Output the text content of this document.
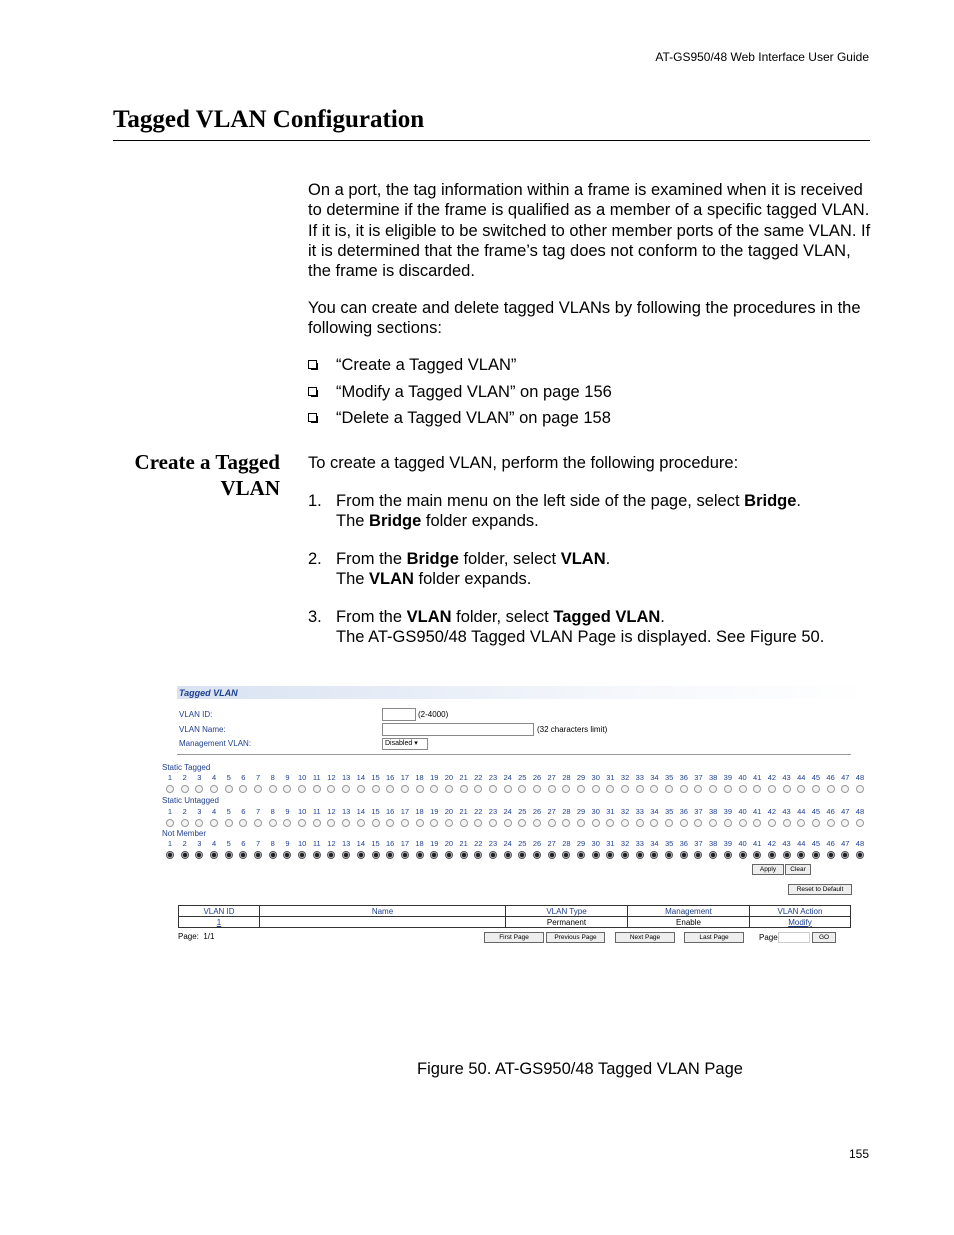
AT-GS950/48 Web Interface User Guide
Tagged VLAN Configuration
On a port, the tag information within a frame is examined when it is received to determine if the frame is qualified as a member of a specific tagged VLAN. If it is, it is eligible to be switched to other member ports of the same VLAN. If it is determined that the frame’s tag does not conform to the tagged VLAN, the frame is discarded.
You can create and delete tagged VLANs by following the procedures in the following sections:
“Create a Tagged VLAN”
“Modify a Tagged VLAN” on page 156
“Delete a Tagged VLAN” on page 158
Create a Tagged
VLAN
To create a tagged VLAN, perform the following procedure:
1. From the main menu on the left side of the page, select Bridge.
The Bridge folder expands.
2. From the Bridge folder, select VLAN.
The VLAN folder expands.
3. From the VLAN folder, select Tagged VLAN.
The AT-GS950/48 Tagged VLAN Page is displayed. See Figure 50.
Tagged VLAN
VLAN ID:	(2-4000)
VLAN Name:	(32 characters limit)
Management VLAN:	Disabled ▾
Static Tagged
1	2	3	4	5	6	7	8	9	10 11 12 13 14 15 16 17 18 19 20 21 22 23 24 25 26 27 28 29 30 31 32 33 34 35 36 37 38 39 40 41 42 43 44 45 46 47 48
Static Untagged
1	2	3	4	5	6	7	8	9	10 11 12 13 14 15 16 17 18 19 20 21 22 23 24 25 26 27 28 29 30 31 32 33 34 35 36 37 38 39 40 41 42 43 44 45 46 47 48
Not Member
1	2	3	4	5	6	7	8	9	10 11 12 13 14 15 16 17 18 19 20 21 22 23 24 25 26 27 28 29 30 31 32 33 34 35 36 37 38 39 40 41 42 43 44 45 46 47 48
Apply	Clear
Reset to Default
VLAN ID	Name	VLAN Type	Management	VLAN Action
1		Permanent	Enable	Modify
Page: 1/1	First Page	Previous Page	Next Page	Last Page	Page	GO
Figure 50. AT-GS950/48 Tagged VLAN Page
155
